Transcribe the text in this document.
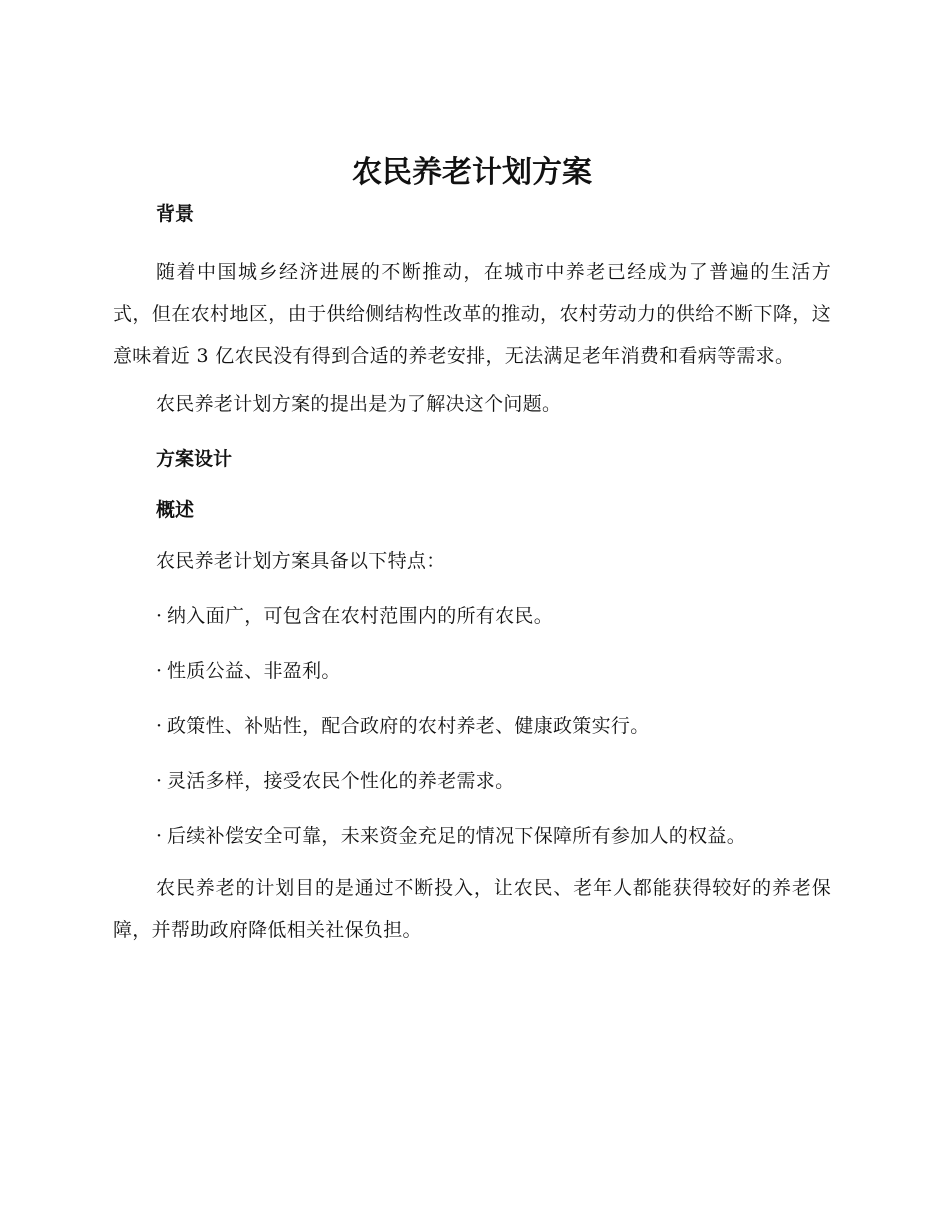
农民养老计划方案
背景

随着中国城乡经济进展的不断推动，在城市中养老已经成为了普遍的生活方式，但在农村地区，由于供给侧结构性改革的推动，农村劳动力的供给不断下降，这意味着近 3 亿农民没有得到合适的养老安排，无法满足老年消费和看病等需求。

农民养老计划方案的提出是为了解决这个问题。

方案设计
概述

农民养老计划方案具备以下特点：

· 纳入面广，可包含在农村范围内的所有农民。
· 性质公益、非盈利。
· 政策性、补贴性，配合政府的农村养老、健康政策实行。
· 灵活多样，接受农民个性化的养老需求。
· 后续补偿安全可靠，未来资金充足的情况下保障所有参加人的权益。

农民养老的计划目的是通过不断投入，让农民、老年人都能获得较好的养老保障，并帮助政府降低相关社保负担。
